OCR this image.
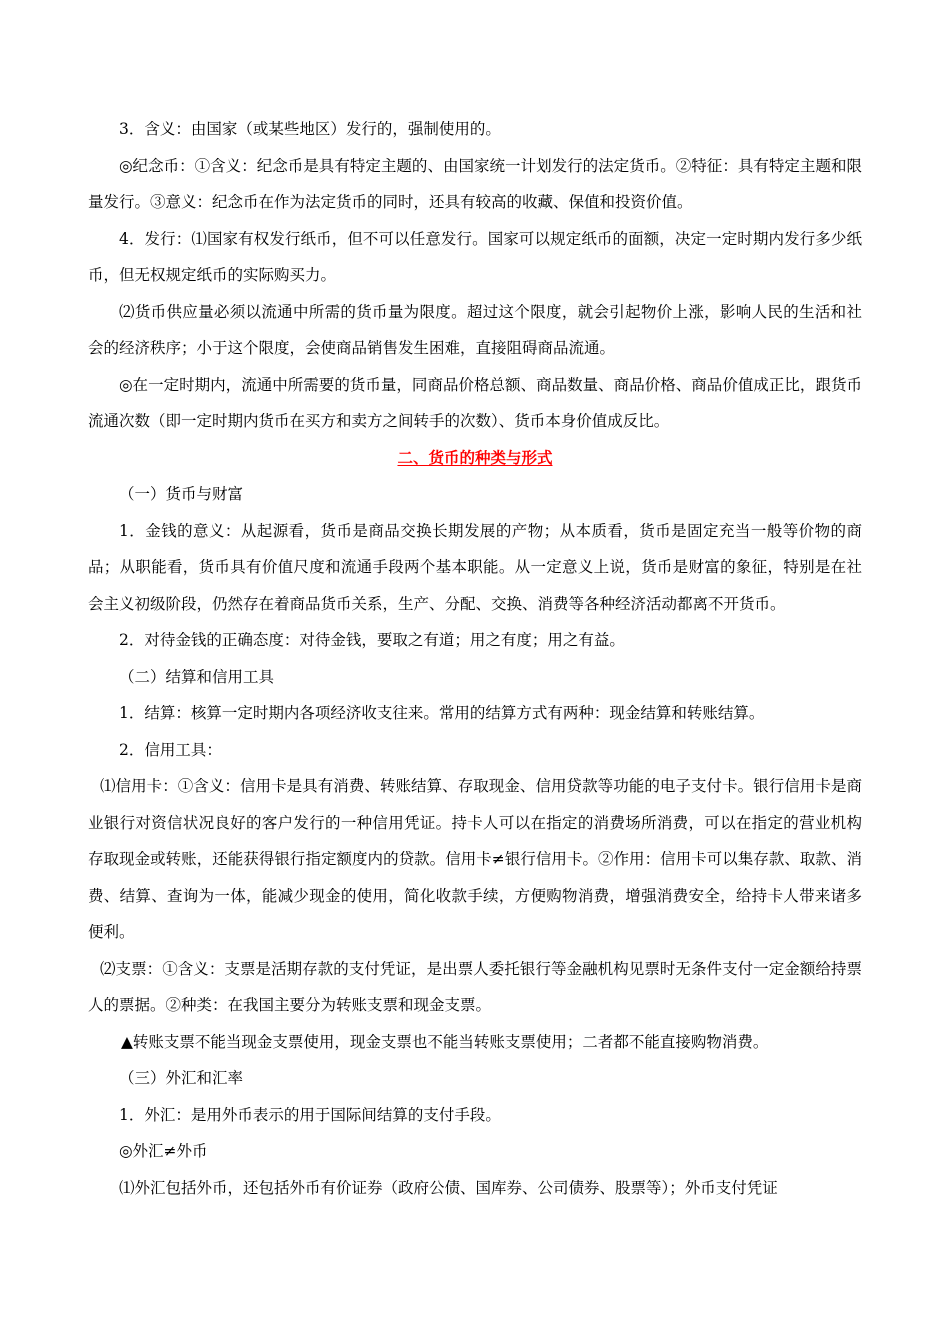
3．含义：由国家（或某些地区）发行的，强制使用的。

◎纪念币：①含义：纪念币是具有特定主题的、由国家统一计划发行的法定货币。②特征：具有特定主题和限量发行。③意义：纪念币在作为法定货币的同时，还具有较高的收藏、保值和投资价值。

4．发行：⑴国家有权发行纸币，但不可以任意发行。国家可以规定纸币的面额，决定一定时期内发行多少纸币，但无权规定纸币的实际购买力。

⑵货币供应量必须以流通中所需的货币量为限度。超过这个限度，就会引起物价上涨，影响人民的生活和社会的经济秩序；小于这个限度，会使商品销售发生困难，直接阻碍商品流通。

◎在一定时期内，流通中所需要的货币量，同商品价格总额、商品数量、商品价格、商品价值成正比，跟货币流通次数（即一定时期内货币在买方和卖方之间转手的次数）、货币本身价值成反比。

二、货币的种类与形式

（一）货币与财富

1．金钱的意义：从起源看，货币是商品交换长期发展的产物；从本质看，货币是固定充当一般等价物的商品；从职能看，货币具有价值尺度和流通手段两个基本职能。从一定意义上说，货币是财富的象征，特别是在社会主义初级阶段，仍然存在着商品货币关系，生产、分配、交换、消费等各种经济活动都离不开货币。

2．对待金钱的正确态度：对待金钱，要取之有道；用之有度；用之有益。

（二）结算和信用工具

1．结算：核算一定时期内各项经济收支往来。常用的结算方式有两种：现金结算和转账结算。

2．信用工具：

⑴信用卡：①含义：信用卡是具有消费、转账结算、存取现金、信用贷款等功能的电子支付卡。银行信用卡是商业银行对资信状况良好的客户发行的一种信用凭证。持卡人可以在指定的消费场所消费，可以在指定的营业机构存取现金或转账，还能获得银行指定额度内的贷款。信用卡≠银行信用卡。②作用：信用卡可以集存款、取款、消费、结算、查询为一体，能减少现金的使用，简化收款手续，方便购物消费，增强消费安全，给持卡人带来诸多便利。

⑵支票：①含义：支票是活期存款的支付凭证，是出票人委托银行等金融机构见票时无条件支付一定金额给持票人的票据。②种类：在我国主要分为转账支票和现金支票。

▲转账支票不能当现金支票使用，现金支票也不能当转账支票使用；二者都不能直接购物消费。

（三）外汇和汇率

1．外汇：是用外币表示的用于国际间结算的支付手段。

◎外汇≠外币

⑴外汇包括外币，还包括外币有价证券（政府公债、国库券、公司债券、股票等）；外币支付凭证
